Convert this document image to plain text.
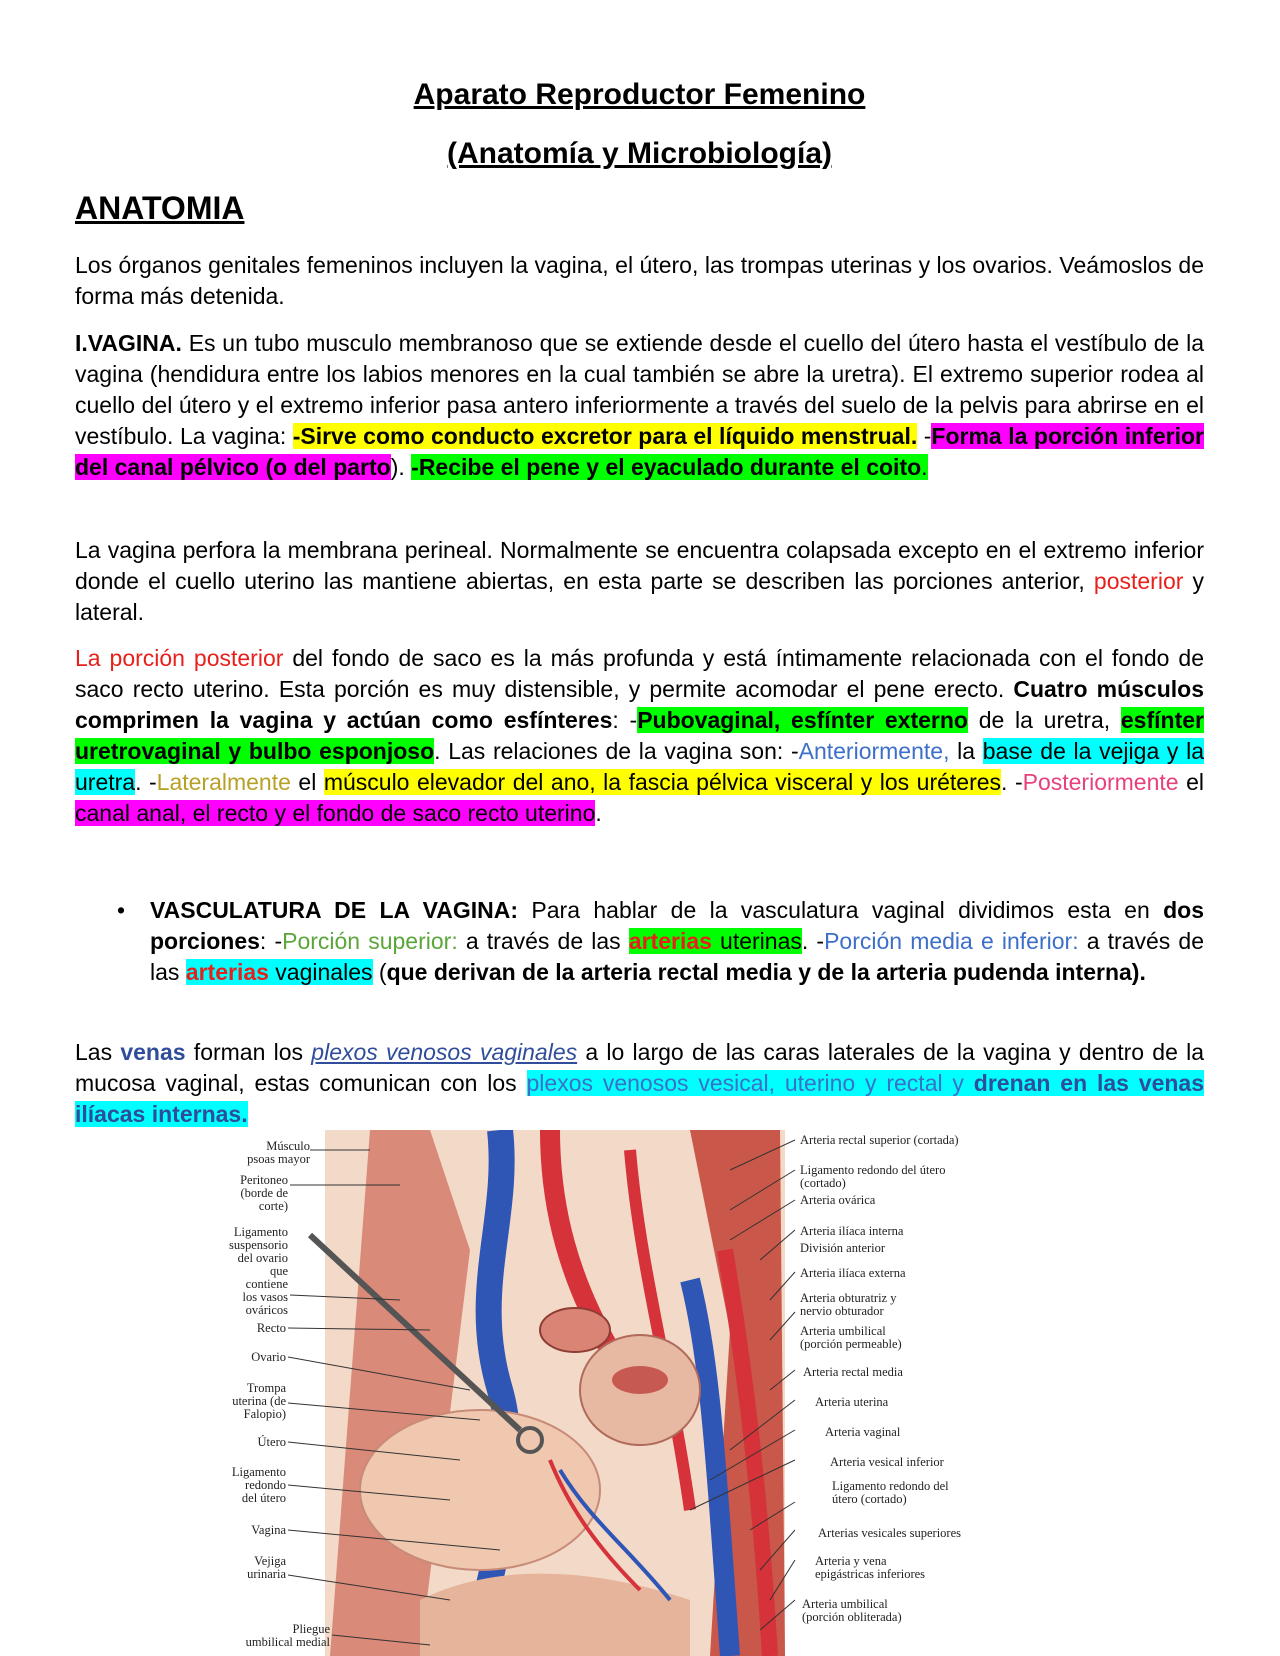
Aparato Reproductor Femenino
(Anatomía y Microbiología)
ANATOMIA

Los órganos genitales femeninos incluyen la vagina, el útero, las trompas uterinas y los ovarios. Veámoslos de forma más detenida.

I.VAGINA. Es un tubo musculo membranoso que se extiende desde el cuello del útero hasta el vestíbulo de la vagina (hendidura entre los labios menores en la cual también se abre la uretra). El extremo superior rodea al cuello del útero y el extremo inferior pasa antero inferiormente a través del suelo de la pelvis para abrirse en el vestíbulo. La vagina: -Sirve como conducto excretor para el líquido menstrual. -Forma la porción inferior del canal pélvico (o del parto). -Recibe el pene y el eyaculado durante el coito.

La vagina perfora la membrana perineal. Normalmente se encuentra colapsada excepto en el extremo inferior donde el cuello uterino las mantiene abiertas, en esta parte se describen las porciones anterior, posterior y lateral.

La porción posterior del fondo de saco es la más profunda y está íntimamente relacionada con el fondo de saco recto uterino. Esta porción es muy distensible, y permite acomodar el pene erecto. Cuatro músculos comprimen la vagina y actúan como esfínteres: -Pubovaginal, esfínter externo de la uretra, esfínter uretrovaginal y bulbo esponjoso. Las relaciones de la vagina son: -Anteriormente, la base de la vejiga y la uretra. -Lateralmente el músculo elevador del ano, la fascia pélvica visceral y los uréteres. -Posteriormente el canal anal, el recto y el fondo de saco recto uterino.

• VASCULATURA DE LA VAGINA: Para hablar de la vasculatura vaginal dividimos esta en dos porciones: -Porción superior: a través de las arterias uterinas. -Porción media e inferior: a través de las arterias vaginales (que derivan de la arteria rectal media y de la arteria pudenda interna).

Las venas forman los plexos venosos vaginales a lo largo de las caras laterales de la vagina y dentro de la mucosa vaginal, estas comunican con los plexos venosos vesical, uterino y rectal y drenan en las venas ilíacas internas.

Músculo
psoas mayor
Peritoneo
(borde de
corte)
Ligamento
suspensorio
del ovario
que
contiene
los vasos
ováricos
Recto
Ovario
Trompa
uterina (de
Falopio)
Útero
Ligamento
redondo
del útero
Vagina
Vejiga
urinaria
Pliegue
umbilical medial
Arteria rectal superior (cortada)
Ligamento redondo del útero
(cortado)
Arteria ovárica
Arteria ilíaca interna
División anterior
Arteria ilíaca externa
Arteria obturatriz y
nervio obturador
Arteria umbilical
(porción permeable)
Arteria rectal media
Arteria uterina
Arteria vaginal
Arteria vesical inferior
Ligamento redondo del
útero (cortado)
Arterias vesicales superiores
Arteria y vena
epigástricas inferiores
Arteria umbilical
(porción obliterada)
